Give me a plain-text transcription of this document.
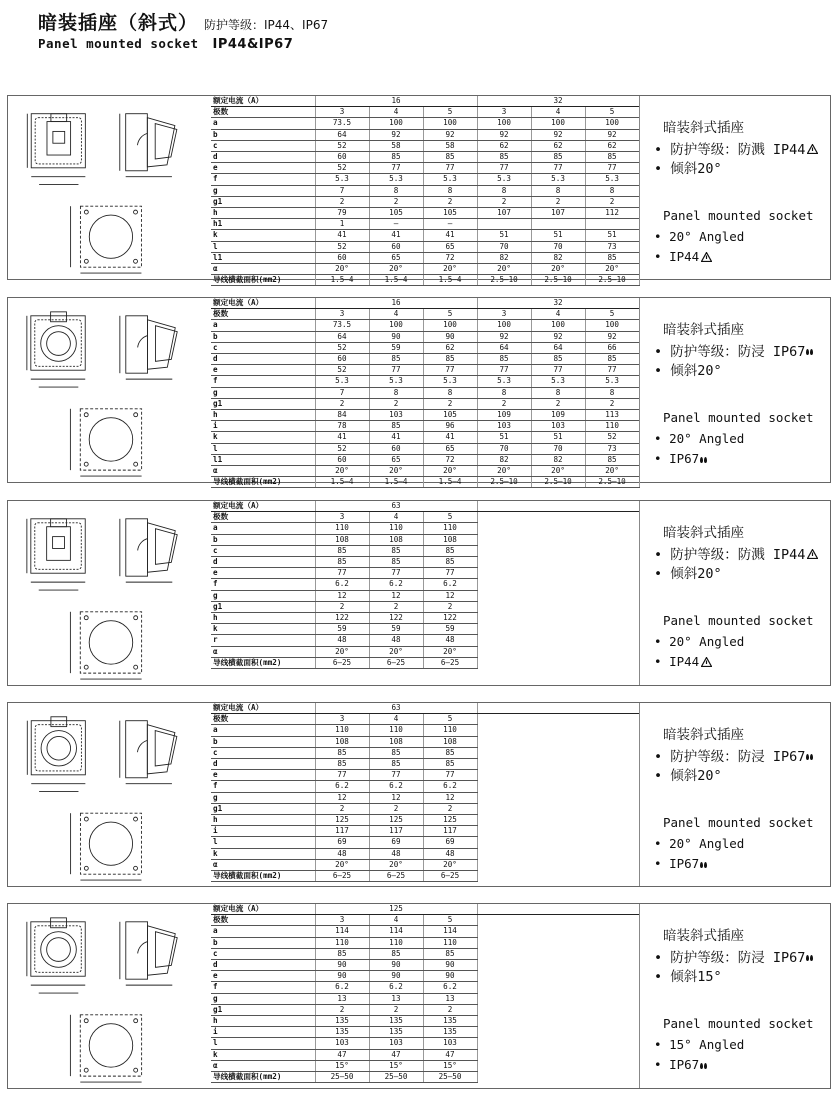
暗装插座（斜式） 防护等级：IP44、IP67
Panel mounted socket IP44&IP67
额定电流（A）	16			32		
极数	3	4	5	3	4	5
a	73.5	100	100	100	100	100
b	64	92	92	92	92	92
c	52	58	58	62	62	62
d	60	85	85	85	85	85
e	52	77	77	77	77	77
f	5.3	5.3	5.3	5.3	5.3	5.3
g	7	8	8	8	8	8
g1	2	2	2	2	2	2
h	79	105	105	107	107	112
h1	1	—	—			
k	41	41	41	51	51	51
l	52	60	65	70	70	73
l1	60	65	72	82	82	85
α	20°	20°	20°	20°	20°	20°
导线横截面积(mm2)	1.5—4	1.5—4	1.5—4	2.5—10	2.5—10	2.5—10
暗装斜式插座
• 防护等级：防溅 IP44
• 倾斜20°
Panel mounted socket
• 20° Angled
• IP44
额定电流（A）	16			32		
极数	3	4	5	3	4	5
a	73.5	100	100	100	100	100
b	64	90	90	92	92	92
c	52	59	62	64	64	66
d	60	85	85	85	85	85
e	52	77	77	77	77	77
f	5.3	5.3	5.3	5.3	5.3	5.3
g	7	8	8	8	8	8
g1	2	2	2	2	2	2
h	84	103	105	109	109	113
i	78	85	96	103	103	110
k	41	41	41	51	51	52
l	52	60	65	70	70	73
l1	60	65	72	82	82	85
α	20°	20°	20°	20°	20°	20°
导线横截面积(mm2)	1.5—4	1.5—4	1.5—4	2.5—10	2.5—10	2.5—10
暗装斜式插座
• 防护等级：防浸 IP67
• 倾斜20°
Panel mounted socket
• 20° Angled
• IP67
额定电流（A）	63			
极数	3	4	5	
a	110	110	110	
b	108	108	108	
c	85	85	85	
d	85	85	85	
e	77	77	77	
f	6.2	6.2	6.2	
g	12	12	12	
g1	2	2	2	
h	122	122	122	
k	59	59	59	
r	48	48	48	
α	20°	20°	20°	
导线横截面积(mm2)	6—25	6—25	6—25	
暗装斜式插座
• 防护等级：防溅 IP44
• 倾斜20°
Panel mounted socket
• 20° Angled
• IP44
额定电流（A）	63			
极数	3	4	5	
a	110	110	110	
b	108	108	108	
c	85	85	85	
d	85	85	85	
e	77	77	77	
f	6.2	6.2	6.2	
g	12	12	12	
g1	2	2	2	
h	125	125	125	
i	117	117	117	
l	69	69	69	
k	48	48	48	
α	20°	20°	20°	
导线横截面积(mm2)	6—25	6—25	6—25	
暗装斜式插座
• 防护等级：防浸 IP67
• 倾斜20°
Panel mounted socket
• 20° Angled
• IP67
额定电流（A）	125			
极数	3	4	5	
a	114	114	114	
b	110	110	110	
c	85	85	85	
d	90	90	90	
e	90	90	90	
f	6.2	6.2	6.2	
g	13	13	13	
g1	2	2	2	
h	135	135	135	
i	135	135	135	
l	103	103	103	
k	47	47	47	
α	15°	15°	15°	
导线横截面积(mm2)	25—50	25—50	25—50	
暗装斜式插座
• 防护等级：防浸 IP67
• 倾斜15°
Panel mounted socket
• 15° Angled
• IP67
